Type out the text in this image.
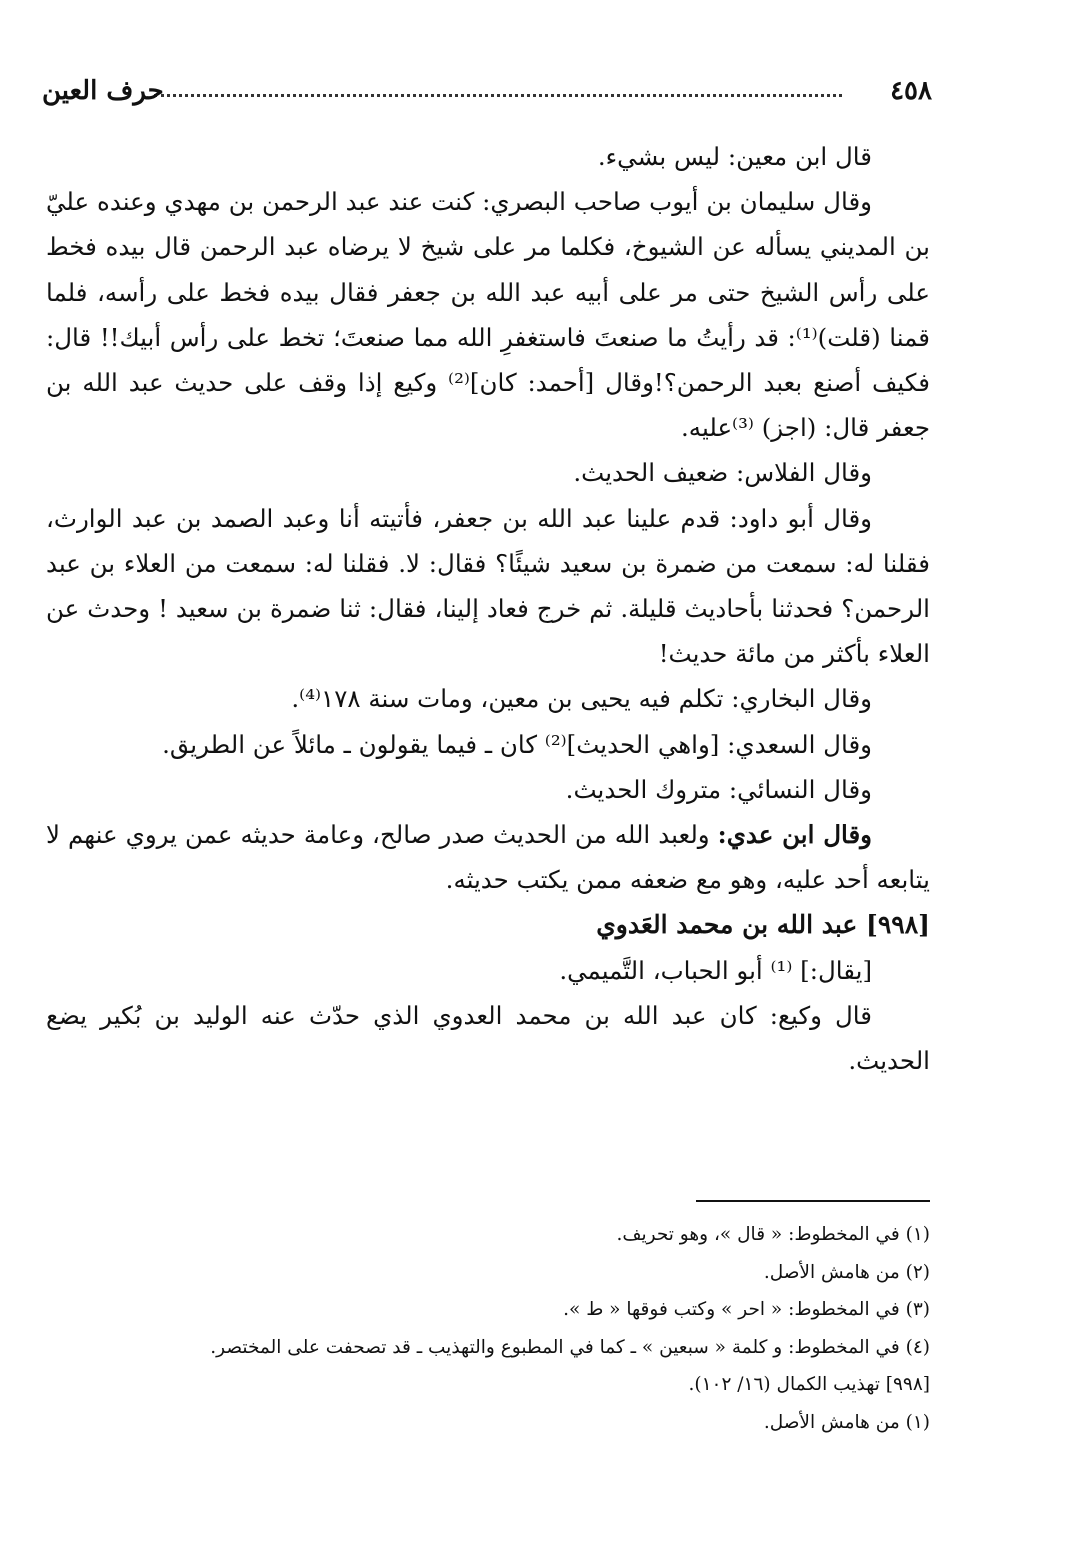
٤٥٨
حرف العين

قال ابن معين: ليس بشيء.

وقال سليمان بن أيوب صاحب البصري: كنت عند عبد الرحمن بن مهدي وعنده عليّ بن المديني يسأله عن الشيوخ، فكلما مر على شيخ لا يرضاه عبد الرحمن قال بيده فخط على رأس الشيخ حتى مر على أبيه عبد الله بن جعفر فقال بيده فخط على رأسه، فلما قمنا (قلت)⁽¹⁾: قد رأيتُ ما صنعتَ فاستغفرِ الله مما صنعتَ؛ تخط على رأس أبيك!! قال: فكيف أصنع بعبد الرحمن؟!وقال [أحمد: كان]⁽²⁾ وكيع إذا وقف على حديث عبد الله بن جعفر قال: (اجز) ⁽³⁾عليه.

وقال الفلاس: ضعيف الحديث.

وقال أبو داود: قدم علينا عبد الله بن جعفر، فأتيته أنا وعبد الصمد بن عبد الوارث، فقلنا له: سمعت من ضمرة بن سعيد شيئًا؟ فقال: لا. فقلنا له: سمعت من العلاء بن عبد الرحمن؟ فحدثنا بأحاديث قليلة. ثم خرج فعاد إلينا، فقال: ثنا ضمرة بن سعيد ! وحدث عن العلاء بأكثر من مائة حديث!

وقال البخاري: تكلم فيه يحيى بن معين، ومات سنة ١٧٨⁽⁴⁾.

وقال السعدي: [واهي الحديث]⁽²⁾ كان ـ فيما يقولون ـ مائلاً عن الطريق.

وقال النسائي: متروك الحديث.

وقال ابن عدي: ولعبد الله من الحديث صدر صالح، وعامة حديثه عمن يروي عنهم لا يتابعه أحد عليه، وهو مع ضعفه ممن يكتب حديثه.

[٩٩٨] عبد الله بن محمد العَدوي

[يقال:] ⁽¹⁾ أبو الحباب، التَّميمي.

قال وكيع: كان عبد الله بن محمد العدوي الذي حدّث عنه الوليد بن بُكير يضع الحديث.

(١) في المخطوط: « قال »، وهو تحريف.

(٢) من هامش الأصل.

(٣) في المخطوط: « احر » وكتب فوقها « ط ».

(٤) في المخطوط: و كلمة « سبعين » ـ كما في المطبوع والتهذيب ـ قد تصحفت على المختصر.

[٩٩٨] تهذيب الكمال (١٦/ ١٠٢).

(١) من هامش الأصل.
